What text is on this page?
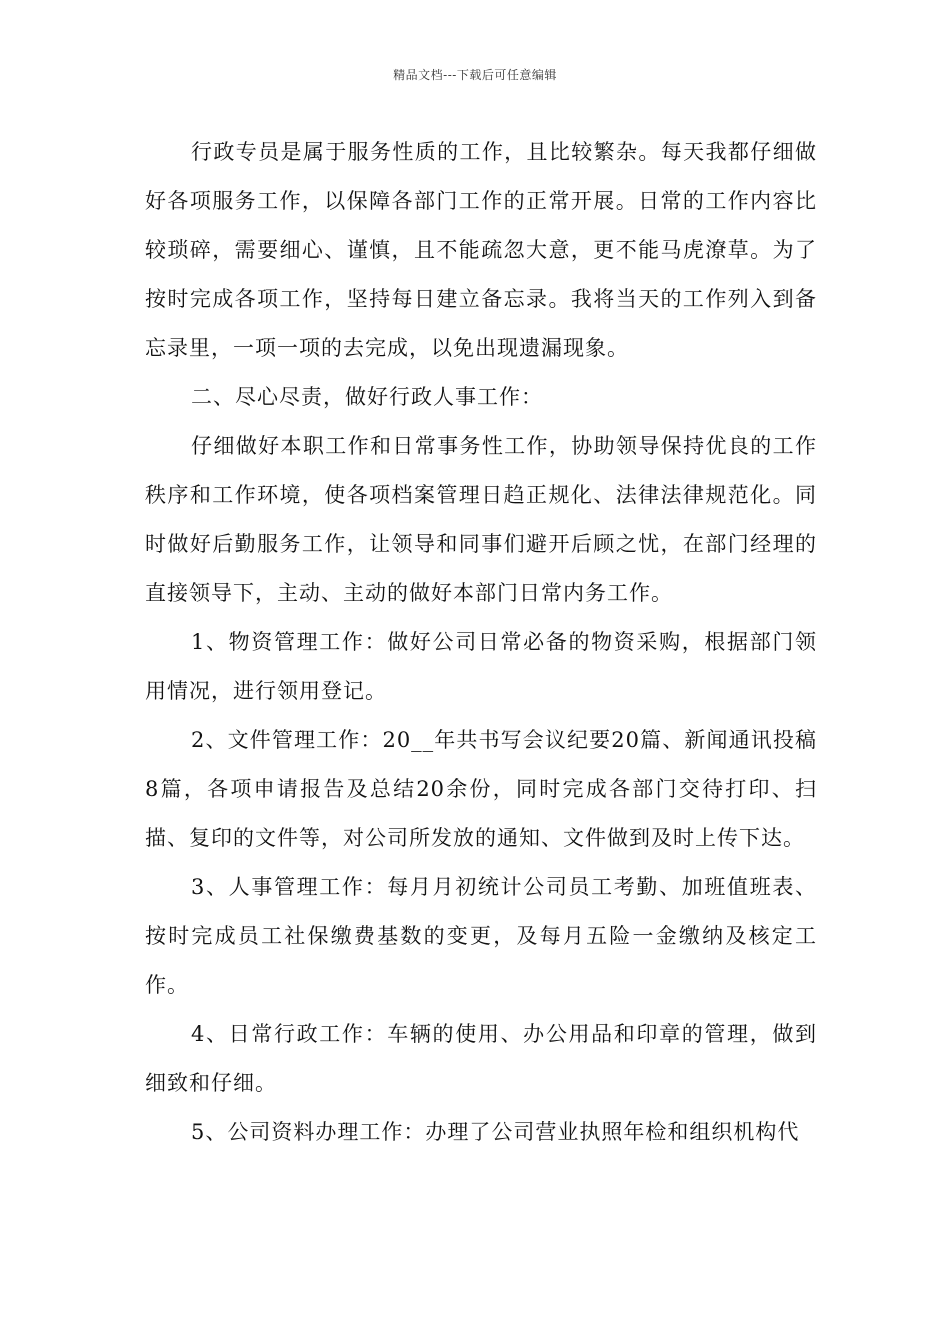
精品文档---下载后可任意编辑

行政专员是属于服务性质的工作，且比较繁杂。每天我都仔细做好各项服务工作，以保障各部门工作的正常开展。日常的工作内容比较琐碎，需要细心、谨慎，且不能疏忽大意，更不能马虎潦草。为了按时完成各项工作，坚持每日建立备忘录。我将当天的工作列入到备忘录里，一项一项的去完成，以免出现遗漏现象。

二、尽心尽责，做好行政人事工作：

仔细做好本职工作和日常事务性工作，协助领导保持优良的工作秩序和工作环境，使各项档案管理日趋正规化、法律法律规范化。同时做好后勤服务工作，让领导和同事们避开后顾之忧，在部门经理的直接领导下，主动、主动的做好本部门日常内务工作。

1、物资管理工作：做好公司日常必备的物资采购，根据部门领用情况，进行领用登记。

2、文件管理工作：20__年共书写会议纪要20篇、新闻通讯投稿8篇，各项申请报告及总结20余份，同时完成各部门交待打印、扫描、复印的文件等，对公司所发放的通知、文件做到及时上传下达。

3、人事管理工作：每月月初统计公司员工考勤、加班值班表、按时完成员工社保缴费基数的变更，及每月五险一金缴纳及核定工作。

4、日常行政工作：车辆的使用、办公用品和印章的管理，做到细致和仔细。

5、公司资料办理工作：办理了公司营业执照年检和组织机构代
